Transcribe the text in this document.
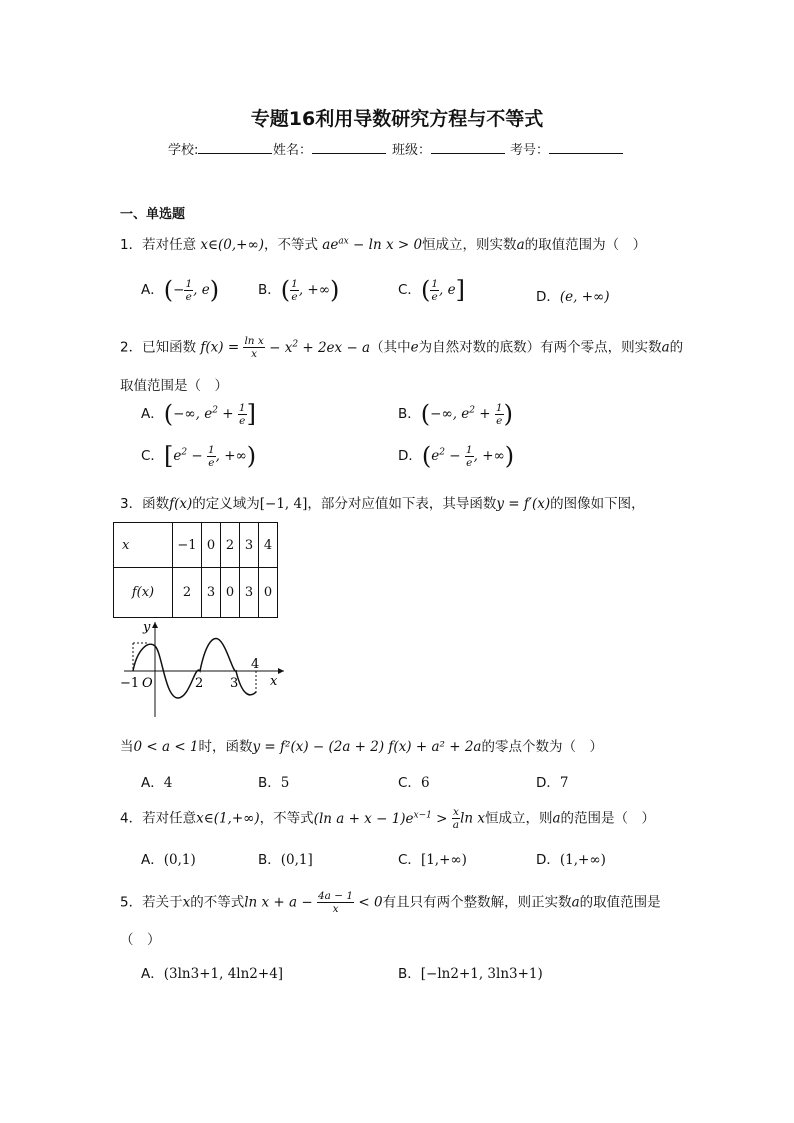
专题16利用导数研究方程与不等式
学校:	姓名：	班级：	考号：
一、单选题
1．若对任意 x∈(0,+∞)，不等式 $ae^{ax} - \ln x > 0$恒成立，则实数a的取值范围为（　）
A．(− $\frac{1}{e}$ , e)	B．( $\frac{1}{e}$ , +∞)	C．( $\frac{1}{e}$ , e]	D．(e, +∞)
2．已知函数 $f(x) = \frac{\text{ln x}}{x} - x^2 + 2ex - a$（其中e为自然对数的底数）有两个零点，则实数a的
取值范围是（　）
A．(−∞, $e^2 + \frac{1}{e}$ ]	B．(−∞, $e^2 + \frac{1}{e}$ )
C．[$e^2 - \frac{1}{e}$ , +∞)	D．($e^2 - \frac{1}{e}$ , +∞)
3．函数f(x)的定义域为[−1, 4]，部分对应值如下表，其导函数y = f′(x)的图像如下图，
x	−1	0	2	3	4
f(x)	2	3	0	3	0
y
x
O
−1	2 3
4
当0 < a < 1时，函数y = f²(x) − (2a + 2) f(x) + a² + 2a的零点个数为（　）
A．4	B．5	C．6	D．7
4．若对任意x∈(1,+∞)，不等式(ln $a + x - 1)e^{x-1} > \frac{x}{a}$ ln x恒成立，则a的范围是（　）
A．(0,1)	B．(0,1]	C．[1,+∞)	D．(1,+∞)
5．若关于x的不等式$\ln x + a - \frac{4a - 1}{x} < 0$有且只有两个整数解，则正实数a的取值范围是
（　）
A．(3ln3+1, 4ln2+4]	B．[−ln2+1, 3ln3+1)
